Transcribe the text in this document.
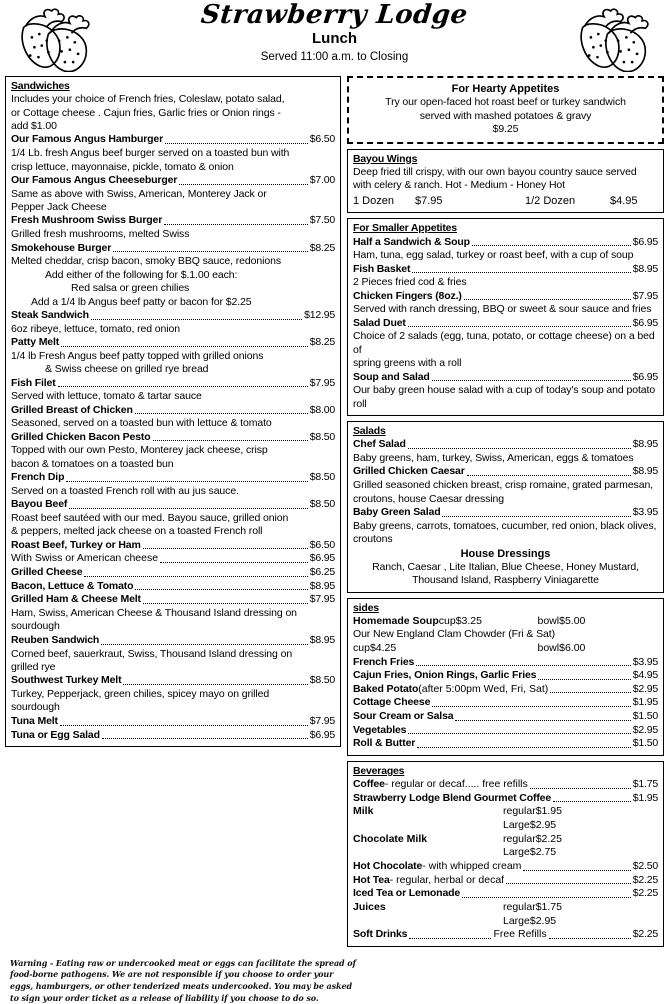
Strawberry Lodge
Lunch
Served 11:00 a.m. to Closing
Sandwiches
Includes your choice of French fries, Coleslaw, potato salad,
or Cottage cheese . Cajun fries, Garlic fries or Onion rings -
add $1.00
Our Famous Angus Hamburger	$6.50
1/4 Lb. fresh Angus beef burger served on a toasted bun with
crisp lettuce, mayonnaise, pickle, tomato & onion
Our Famous Angus Cheeseburger	$7.00
Same as above with Swiss, American, Monterey Jack or
Pepper Jack Cheese
Fresh Mushroom Swiss Burger	$7.50
Grilled fresh mushrooms, melted Swiss
Smokehouse Burger	$8.25
Melted cheddar, crisp bacon, smoky BBQ sauce, redonions
Add either of the following for $.1.00 each:
Red salsa or green chilies
Add a 1/4 lb Angus beef patty or bacon for $2.25
Steak Sandwich	$12.95
6oz ribeye, lettuce, tomato, red onion
Patty Melt	$8.25
1/4 lb Fresh Angus beef patty topped with grilled onions
& Swiss cheese on grilled rye bread
Fish Filet	$7.95
Served with lettuce, tomato & tartar sauce
Grilled Breast of Chicken	$8.00
Seasoned, served on a toasted bun with lettuce & tomato
Grilled Chicken Bacon Pesto	$8.50
Topped with our own Pesto, Monterey jack cheese, crisp
bacon & tomatoes on a toasted bun
French Dip	$8.50
Served on a toasted French roll with au jus sauce.
Bayou Beef	$8.50
Roast beef sautéed with our med. Bayou sauce, grilled onion
& peppers, melted jack cheese on a toasted French roll
Roast Beef, Turkey or Ham	$6.50
With Swiss or American cheese	$6.95
Grilled Cheese	$6.25
Bacon, Lettuce & Tomato	$8.95
Grilled Ham & Cheese Melt	$7.95
Ham, Swiss, American Cheese & Thousand Island dressing on
sourdough
Reuben Sandwich	$8.95
Corned beef, sauerkraut, Swiss, Thousand Island dressing on
grilled rye
Southwest Turkey Melt	$8.50
Turkey, Pepperjack, green chilies, spicey mayo on grilled
sourdough
Tuna Melt	$7.95
Tuna or Egg Salad	$6.95
For Hearty Appetites
Try our open-faced hot roast beef or turkey sandwich
served with mashed potatoes & gravy
$9.25
Bayou Wings
Deep fried till crispy, with our own bayou country sauce served
with celery & ranch. Hot - Medium - Honey Hot
1 Dozen	$7.95	1/2 Dozen	$4.95
For Smaller Appetites
Half a Sandwich & Soup	$6.95
Ham, tuna, egg salad, turkey or roast beef, with a cup of soup
Fish Basket	$8.95
2 Pieces fried cod & fries
Chicken Fingers (8oz.)	$7.95
Served with ranch dressing, BBQ or sweet & sour sauce and fries
Salad Duet	$6.95
Choice of 2 salads (egg, tuna, potato, or cottage cheese) on a bed of
spring greens with a roll
Soup and Salad	$6.95
Our baby green house salad with a cup of today's soup and potato roll
Salads
Chef Salad	$8.95
Baby greens, ham, turkey, Swiss, American, eggs & tomatoes
Grilled Chicken Caesar	$8.95
Grilled seasoned chicken breast, crisp romaine, grated parmesan,
croutons, house Caesar dressing
Baby Green Salad	$3.95
Baby greens, carrots, tomatoes, cucumber, red onion, black olives,
croutons
House Dressings
Ranch, Caesar , Lite Italian, Blue Cheese, Honey Mustard,
Thousand Island, Raspberry Viniagarette
sides
Homemade Soup cup $3.25	bowl $5.00
Our New England Clam Chowder (Fri & Sat)
cup $4.25	bowl $6.00
French Fries	$3.95
Cajun Fries, Onion Rings, Garlic Fries	$4.95
Baked Potato (after 5:00pm Wed, Fri, Sat)	$2.95
Cottage Cheese	$1.95
Sour Cream or Salsa	$1.50
Vegetables	$2.95
Roll & Butter	$1.50
Beverages
Coffee - regular or decaf..... free refills	$1.75
Strawberry Lodge Blend Gourmet Coffee	$1.95
Milk	regular $1.95
Large $2.95
Chocolate Milk	regular $2.25
Large $2.75
Hot Chocolate - with whipped cream	$2.50
Hot Tea - regular, herbal or decaf	$2.25
Iced Tea or Lemonade	$2.25
Juices	regular $1.75
Large $2.95
Soft Drinks	Free Refills	$2.25
Warning - Eating raw or undercooked meat or eggs can facilitate the spread of
food-borne pathogens. We are not responsible if you choose to order your
eggs, hamburgers, or other tenderized meats undercooked. You may be asked
to sign your order ticket as a release of liability if you choose to do so.
